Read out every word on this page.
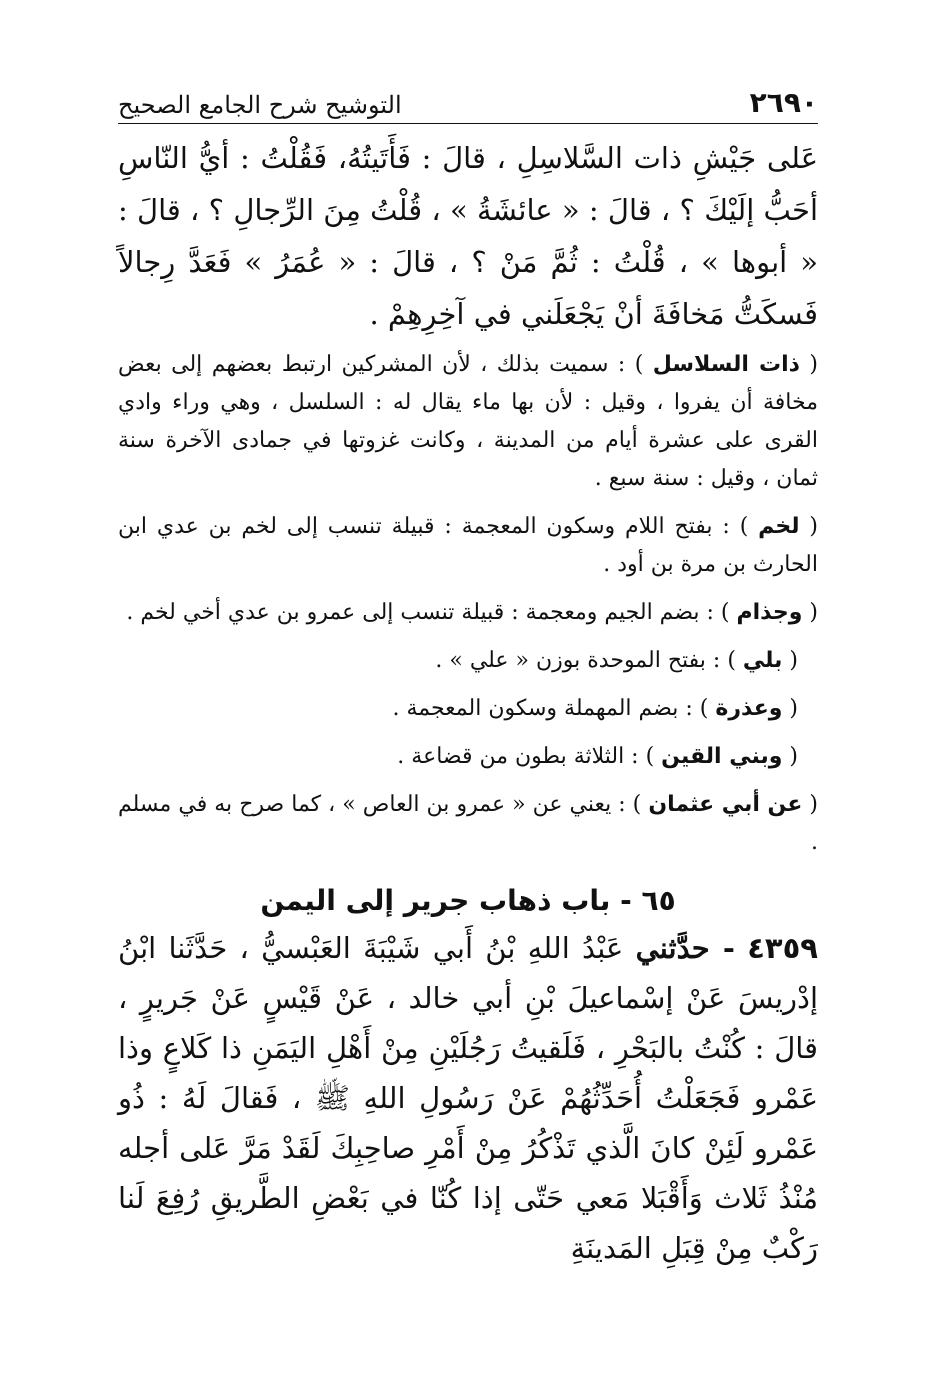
٢٦٩٠
التوشيح شرح الجامع الصحيح

عَلى جَيْشِ ذات السَّلاسِلِ ، قالَ : فَأَتَيتُهُ، فَقُلْتُ : أيُّ النّاسِ أحَبُّ إلَيْكَ ؟ ، قالَ : « عائشَةُ » ، قُلْتُ مِنَ الرِّجالِ ؟ ، قالَ : « أبوها » ، قُلْتُ : ثُمَّ مَنْ ؟ ، قالَ : « عُمَرُ » فَعَدَّ رِجالاً فَسكَتُّ مَخافَةَ أنْ يَجْعَلَني في آخِرِهِمْ .

( ذات السلاسل ) : سميت بذلك ، لأن المشركين ارتبط بعضهم إلى بعض مخافة أن يفروا ، وقيل : لأن بها ماء يقال له : السلسل ، وهي وراء وادي القرى على عشرة أيام من المدينة ، وكانت غزوتها في جمادى الآخرة سنة ثمان ، وقيل : سنة سبع .

( لخم ) : بفتح اللام وسكون المعجمة : قبيلة تنسب إلى لخم بن عدي ابن الحارث بن مرة بن أود .

( وجذام ) : بضم الجيم ومعجمة : قبيلة تنسب إلى عمرو بن عدي أخي لخم .

( بلي ) : بفتح الموحدة بوزن « علي » .

( وعذرة ) : بضم المهملة وسكون المعجمة .

( وبني القين ) : الثلاثة بطون من قضاعة .

( عن أبي عثمان ) : يعني عن « عمرو بن العاص » ، كما صرح به في مسلم .

٦٥ - باب ذهاب جرير إلى اليمن

٤٣٥٩ - حدَّثني عَبْدُ اللهِ بْنُ أَبي شَيْبَةَ العَبْسيُّ ، حَدَّثَنا ابْنُ إدْريسَ عَنْ إسْماعيلَ بْنِ أبي خالد ، عَنْ قَيْسٍ عَنْ جَريرٍ ، قالَ : كُنْتُ بالبَحْرِ ، فَلَقيتُ رَجُلَيْنِ مِنْ أَهْلِ اليَمَنِ ذا كَلاعٍ وذا عَمْرو فَجَعَلْتُ أُحَدِّثُهُمْ عَنْ رَسُولِ اللهِ ﷺ ، فَقالَ لَهُ : ذُو عَمْرو لَئِنْ كانَ الَّذي تَذْكُرُ مِنْ أَمْرِ صاحِبِكَ لَقَدْ مَرَّ عَلى أجله مُنْذُ ثَلاث وَأَقْبَلا مَعي حَتّى إذا كُنّا في بَعْضِ الطَّريقِ رُفِعَ لَنا رَكْبٌ مِنْ قِبَلِ المَدينَةِ
